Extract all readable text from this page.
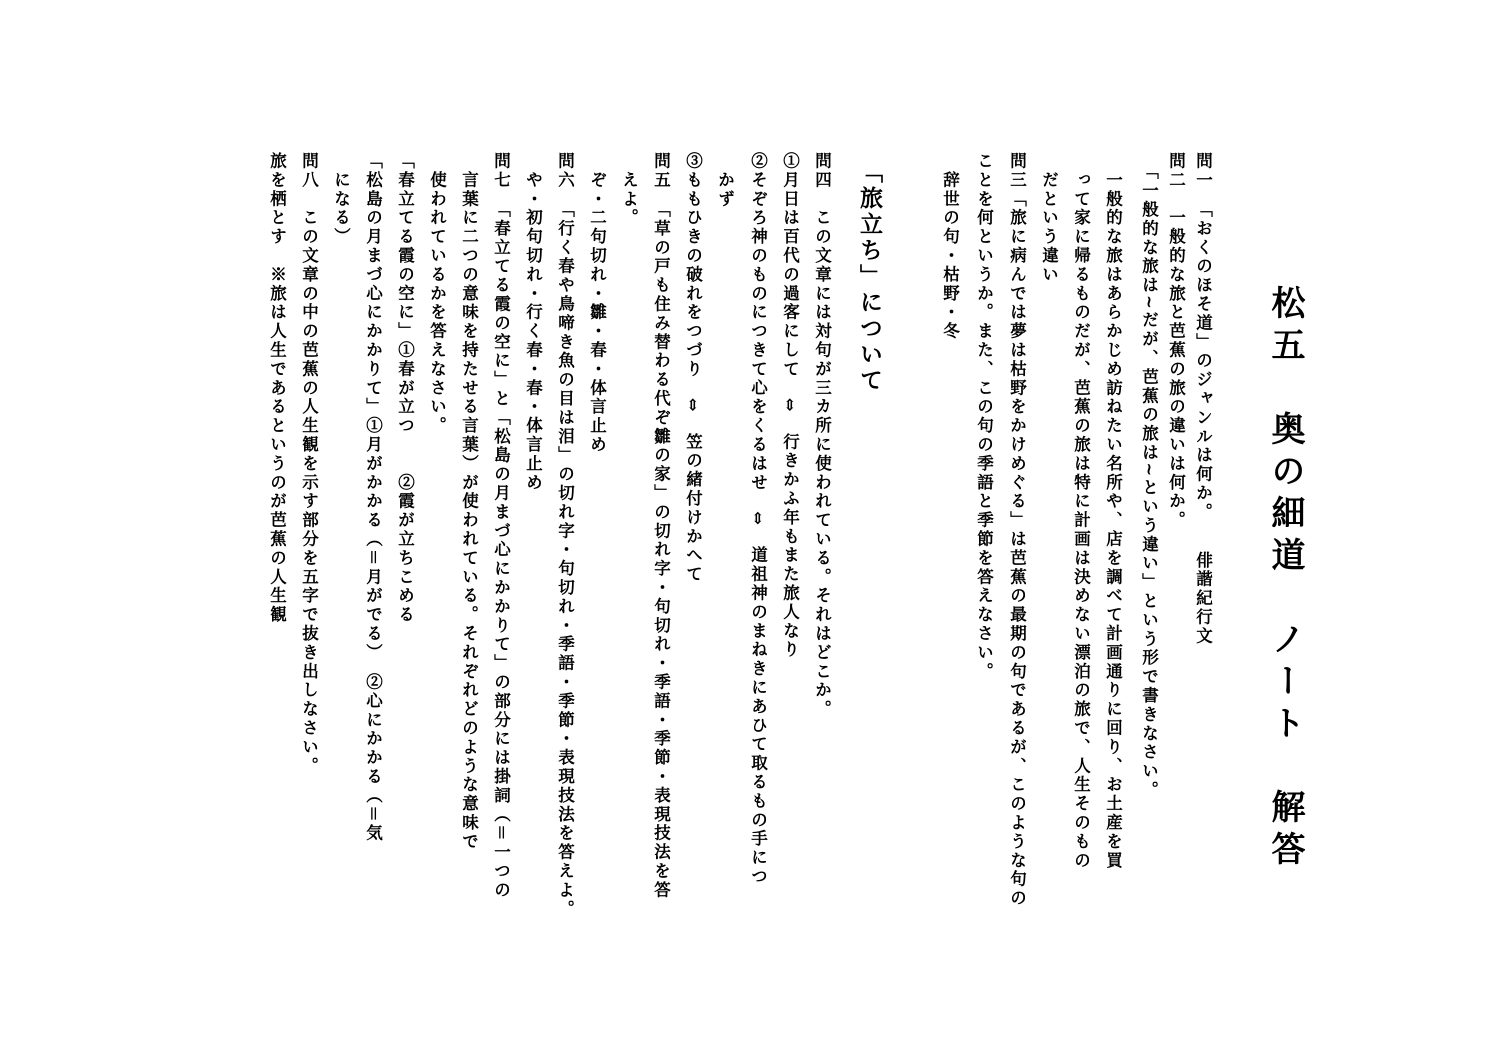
松五　奥の細道　ノート　解答
問一　「おくのほそ道」のジャンルは何か。　　俳諧紀行文
問二　一般的な旅と芭蕉の旅の違いは何か。
　「一般的な旅は~だが、芭蕉の旅は~という違い」という形で書きなさい。
　一般的な旅はあらかじめ訪ねたい名所や、店を調べて計画通りに回り、お土産を買
　って家に帰るものだが、芭蕉の旅は特に計画は決めない漂泊の旅で、人生そのもの
　だという違い
問三「旅に病んでは夢は枯野をかけめぐる」は芭蕉の最期の句であるが、このような句の
ことを何というか。また、この句の季語と季節を答えなさい。
　辞世の句・枯野・冬
「旅立ち」について
問四　この文章には対句が三カ所に使われている。それはどこか。
①月日は百代の過客にして　⇔　行きかふ年もまた旅人なり
②そぞろ神のものにつきて心をくるはせ　⇔　道祖神のまねきにあひて取るもの手につ
　かず
③ももひきの破れをつづり　⇔　笠の緒付けかへて
問五　「草の戸も住み替わる代ぞ雛の家」の切れ字・句切れ・季語・季節・表現技法を答
　えよ。
　ぞ・二句切れ・雛・春・体言止め
問六　「行く春や鳥啼き魚の目は泪」の切れ字・句切れ・季語・季節・表現技法を答えよ。
　や・初句切れ・行く春・春・体言止め
問七　「春立てる霞の空に」と「松島の月まづ心にかかりて」の部分には掛詞（＝一つの
　言葉に二つの意味を持たせる言葉）が使われている。それぞれどのような意味で
　使われているかを答えなさい。
「春立てる霞の空に」①春が立つ　　②霞が立ちこめる
「松島の月まづ心にかかりて」①月がかかる（＝月がでる）　②心にかかる（＝気
　になる）
問八　この文章の中の芭蕉の人生観を示す部分を五字で抜き出しなさい。
旅を栖とす　※旅は人生であるというのが芭蕉の人生観
